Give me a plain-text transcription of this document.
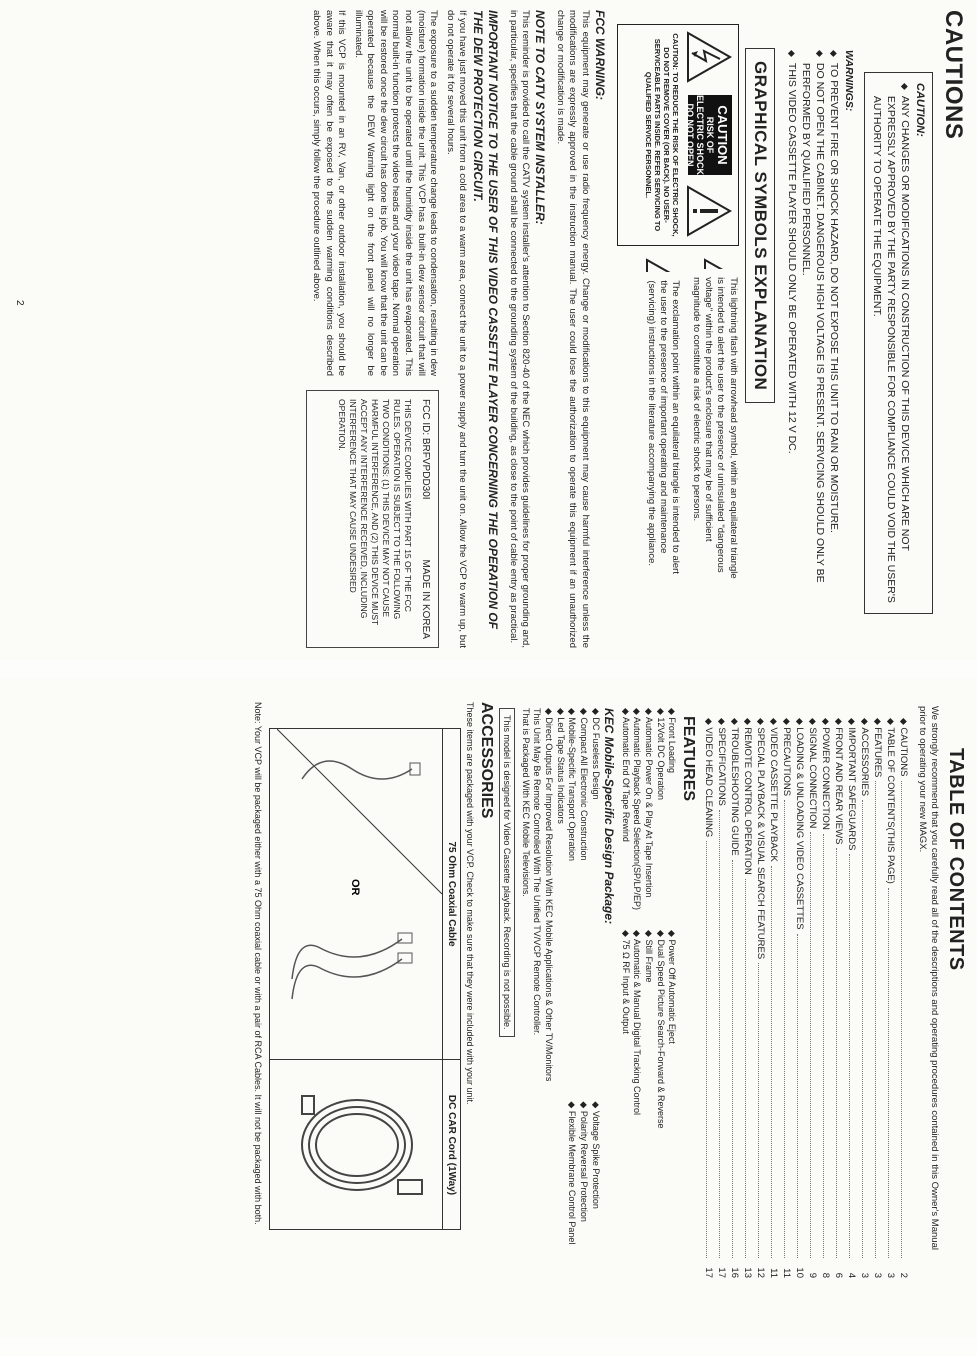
CAUTIONS
CAUTION:
◆
ANY CHANGES OR MODIFICATIONS IN CONSTRUCTION OF THIS DEVICE WHICH ARE NOT EXPRESSLY APPROVED BY THE PARTY RESPONSIBLE FOR COMPLIANCE COULD VOID THE USER'S AUTHORITY TO OPERATE THE EQUIPMENT.
WARNINGS:
◆
TO PREVENT FIRE OR SHOCK HAZARD, DO NOT EXPOSE THIS UNIT TO RAIN OR MOISTURE.
◆
DO NOT OPEN THE CABINET. DANGEROUS HIGH VOLTAGE IS PRESENT. SERVICING SHOULD ONLY BE PERFORMED BY QUALIFIED PERSONNEL.
◆
THIS VIDEO CASSETTE PLAYER SHOULD ONLY BE OPERATED WITH 12 V DC.
GRAPHICAL SYMBOLS EXPLANATION
CAUTION
RISK OF ELECTRIC SHOCK DO NOT OPEN
CAUTION: TO REDUCE THE RISK OF ELECTRIC SHOCK, DO NOT REMOVE COVER (OR BACK). NO USER-SERVICEABLE PARTS INSIDE. REFER SERVICING TO QUALIFIED SERVICE PERSONNEL.

This lightning flash with arrowhead symbol, within an equilateral triangle is intended to alert the user to the presence of uninsulated "dangerous voltage" within the product's enclosure that may be of sufficient magnitude to constitute a risk of electric shock to persons.

The exclamation point within an equilateral triangle is intended to alert the user to the presence of important operating and maintenance (servicing) instructions in the literature accompanying the appliance.

FCC WARNING:

This equipment may generate or use radio frequency energy. Change or modifications to this equipment may cause harmful interference unless the modifications are expressly approved in the instruction manual. The user could lose the authorization to operate this equipment if an unauthorized change or modification is made.

NOTE TO CATV SYSTEM INSTALLER:

This reminder is provided to call the CATV system installer's attention to Section 820-40 of the NEC which provides guidelines for proper grounding and, in particular, specifies that the cable ground shall be connected to the grounding system of the building, as close to the point of cable entry as practical.

IMPORTANT NOTICE TO THE USER OF THIS VIDEO CASSETTE PLAYER CONCERNING THE OPERATION OF THE DEW PROTECTION CIRCUIT.

If you have just moved this unit from a cold area to a warm area, connect the unit to a power supply and turn the unit on. Allow the VCP to warm up, but do not operate it for several hours.

The exposure to a sudden temperature change leads to condensation, resulting in dew (moisture) formation inside the unit. This VCP has a built-in dew sensor circuit that will not allow the unit to be operated until the humidity inside the unit has evaporated. This normal built-in function protects the video heads and your video tape. Normal operation will be restored once the dew circuit has done its job. You will know that the unit can be operated because the DEW Warning light on the front panel will no longer be illuminated.

If this VCP is mounted in an RV, Van, or other outdoor installation, you should be aware that it may often be exposed to the sudden warming conditions described above. When this occurs, simply follow the procedure outlined above.

FCC ID: BRFVPDD30I
MADE IN KOREA
THIS DEVICE COMPLIES WITH PART 15 OF THE FCC RULES. OPERATION IS SUBJECT TO THE FOLLOWING TWO CONDITIONS: (1) THIS DEVICE MAY NOT CAUSE HARMFUL INTERFERENCE, AND (2) THIS DEVICE MUST ACCEPT ANY INTERFERENCE RECEIVED, INCLUDING INTERFERENCE THAT MAY CAUSE UNDESIRED OPERATION.
2
TABLE OF CONTENTS
We strongly recommend that you carefully read all of the descriptions and operating procedures contained in this Owner's Manual prior to operating your new MAGX.
◆
CAUTIONS
2
◆
TABLE OF CONTENTS(THIS PAGE)
3
◆
FEATURES
3
◆
ACCESSORIES
3
◆
IMPORTANT SAFEGUARDS
4
◆
FRONT AND REAR VIEWS
6
◆
POWER CONNECTION
8
◆
SIGNAL CONNECTION
9
◆
LOADING & UNLOADING VIDEO CASSETTES
10
◆
PRECAUTIONS
11
◆
VIDEO CASSETTE PLAYBACK
11
◆
SPECIAL PLAYBACK & VISUAL SEARCH FEATURES
12
◆
REMOTE CONTROL OPERATION
13
◆
TROUBLESHOOTING GUIDE
16
◆
SPECIFICATIONS
17
◆
VIDEO HEAD CLEANING
17
FEATURES
◆ Front Loading
◆ 12Volt DC Operation
◆ Automatic Power On & Play At Tape Insertion
◆ Automatic Playback Speed Selection(SP/LP/EP)
◆ Automatic End Of Tape Rewind
◆ Power Off Automatic Eject
◆ Dual Speed Picture Search-Forward & Reverse
◆ Still Frame
◆ Automatic & Manual Digital Tracking Control
◆ 75 Ω RF Input & Output
KEC Mobile-Specific Design Package:
◆ DC Fuseless Design
◆ Compact All Electronic Construction
◆ Mobile-Specific Transport Operation
◆ Led Tape Status Indicators
◆ Direct Outputs For Improved Resolution With KEC Mobile Applications & Other TV/Monitors
◆ Voltage Spike Protection
◆ Polarity Reversal Protection
◆ Flexible Membrane Control Panel
This Unit May Be Remote Controlled With The Unified TV/VCP Remote Controller.
That is Packaged With KEC Mobile Televisions.
This model is designed for Video Cassette playback. Recording is not possible.
ACCESSORIES
These items are packaged with your VCP. Check to make sure that they were included with your unit.
75 Ohm Coaxial Cable
OR
DC CAR Cord (1Way)
Note: Your VCP will be packaged either with a 75 Ohm coaxial cable or with a pair of RCA Cables. It will not be packaged with both.
